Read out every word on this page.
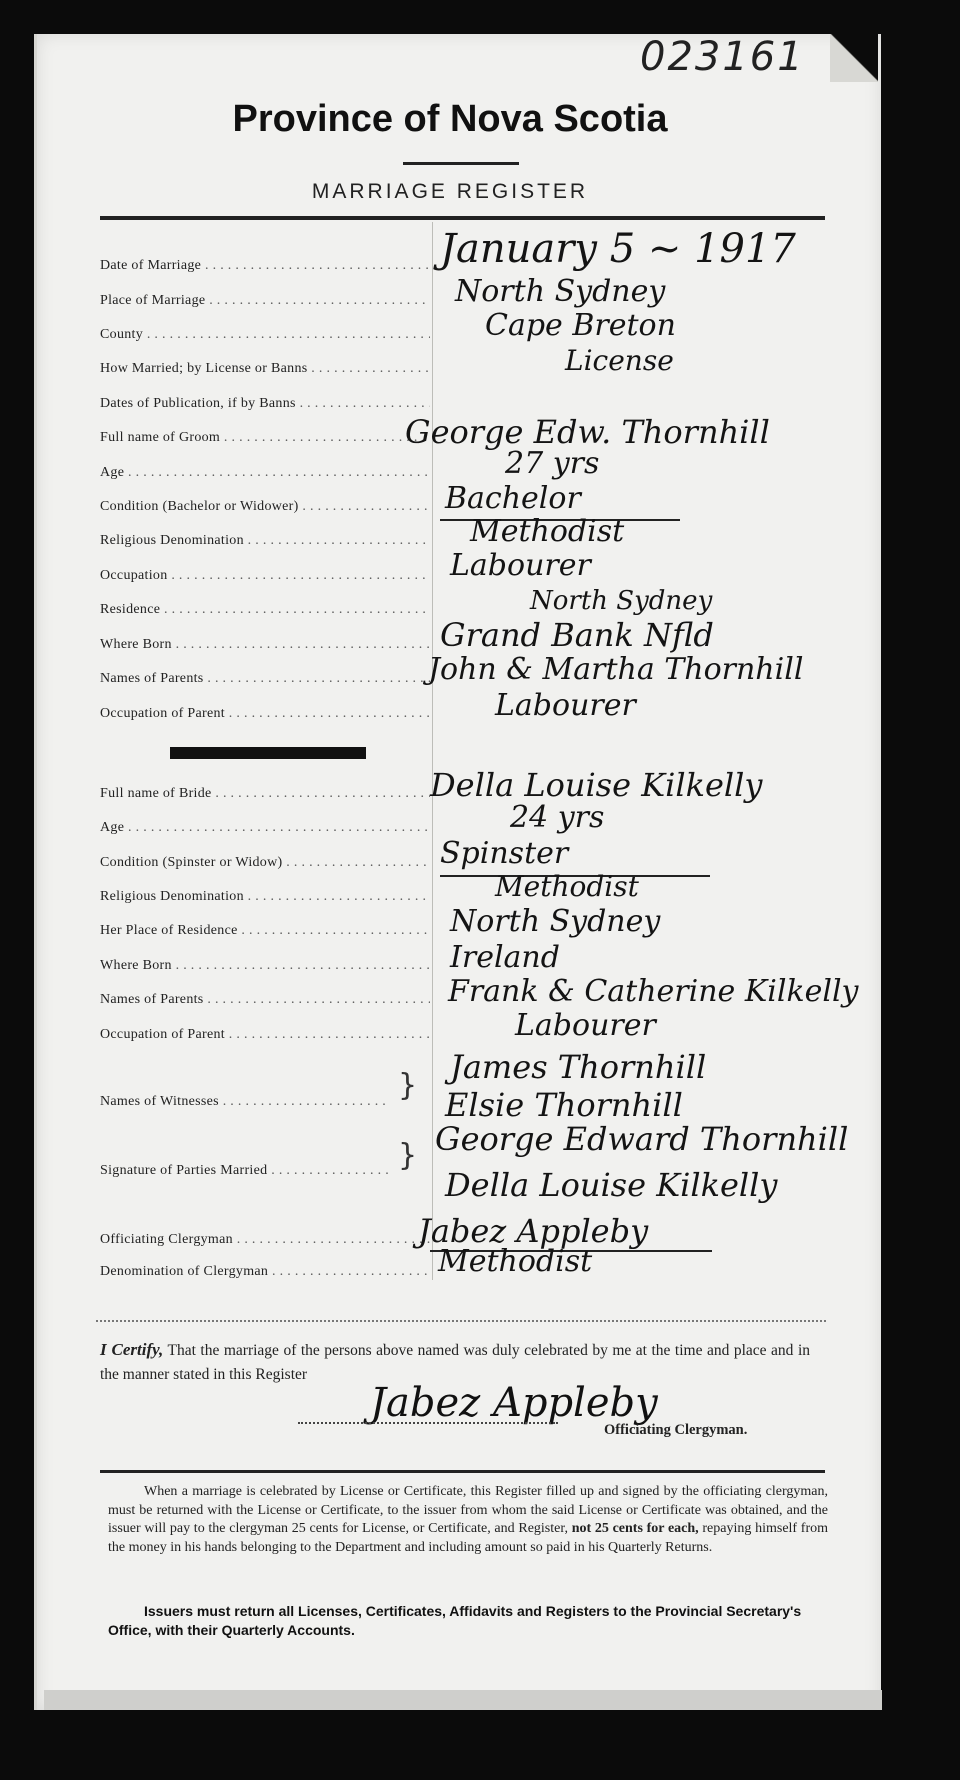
023161
Province of Nova Scotia
MARRIAGE REGISTER
Date of Marriage . . .	January 5 ~ 1917
Place of Marriage . . .	North Sydney
County . . .	Cape Breton
How Married; by License or Banns . . .	License
Dates of Publication, if by Banns . . .
Full name of Groom . . .	George Edw. Thornhill
Age . . .	27 yrs
Condition (Bachelor or Widower) . . .	Bachelor
Religious Denomination . . .	Methodist
Occupation . . .	Labourer
Residence . . .	North Sydney
Where Born . . .	Grand Bank Nfld
Names of Parents . . .	John & Martha Thornhill
Occupation of Parent . . .	Labourer
Full name of Bride . . .	Della Louise Kilkelly
Age . . .	24 yrs
Condition (Spinster or Widow) . . .	Spinster
Religious Denomination . . .	Methodist
Her Place of Residence . . .	North Sydney
Where Born . . .	Ireland
Names of Parents . . .	Frank & Catherine Kilkelly
Occupation of Parent . . .	Labourer
Names of Witnesses . . .	} James Thornhill
Elsie Thornhill
Signature of Parties Married . . .	} George Edward Thornhill
Della Louise Kilkelly
Officiating Clergyman . . .	Jabez Appleby
Denomination of Clergyman . . .	Methodist
I Certify, That the marriage of the persons above named was duly celebrated by me at the time and place and in the manner stated in this Register
Jabez Appleby
Officiating Clergyman.
When a marriage is celebrated by License or Certificate, this Register filled up and signed by the officiating clergyman, must be returned with the License or Certificate, to the issuer from whom the said License or Certificate was obtained, and the issuer will pay to the clergyman 25 cents for License, or Certificate, and Register, not 25 cents for each, repaying himself from the money in his hands belonging to the Department and including amount so paid in his Quarterly Returns.
Issuers must return all Licenses, Certificates, Affidavits and Registers to the Provincial Secretary's Office, with their Quarterly Accounts.
